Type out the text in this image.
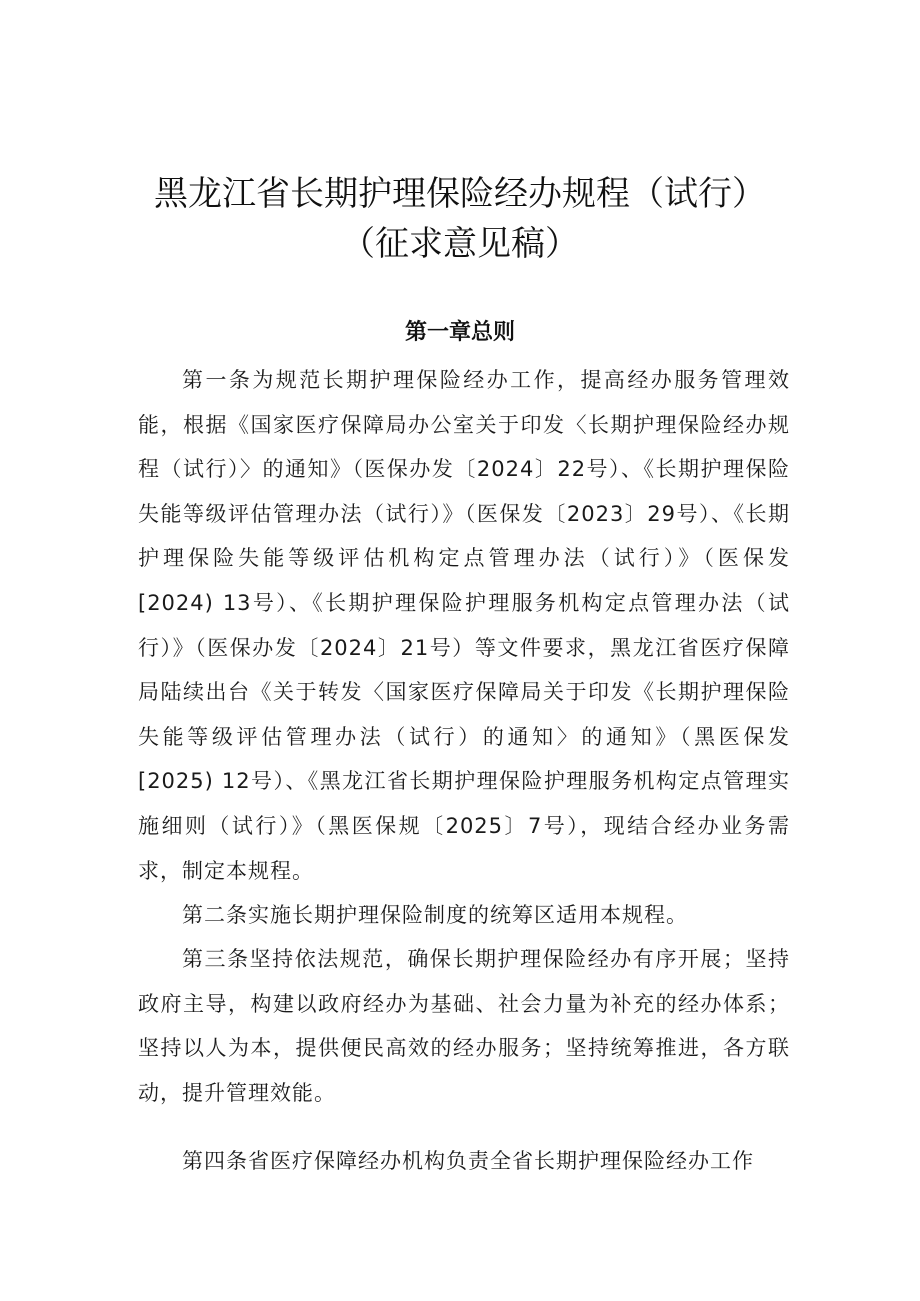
黑龙江省长期护理保险经办规程（试行）
（征求意见稿）
第一章总则

第一条为规范长期护理保险经办工作，提高经办服务管理效能，根据《国家医疗保障局办公室关于印发〈长期护理保险经办规程（试行）〉的通知》（医保办发〔2024〕22号）、《长期护理保险失能等级评估管理办法（试行）》（医保发〔2023〕29号）、《长期护理保险失能等级评估机构定点管理办法（试行）》（医保发 [2024) 13号）、《长期护理保险护理服务机构定点管理办法（试行）》（医保办发〔2024〕21号）等文件要求，黑龙江省医疗保障局陆续出台《关于转发〈国家医疗保障局关于印发《长期护理保险失能等级评估管理办法（试行）的通知〉的通知》（黑医保发 [2025) 12号）、《黑龙江省长期护理保险护理服务机构定点管理实施细则（试行）》（黑医保规〔2025〕7号），现结合经办业务需求，制定本规程。

第二条实施长期护理保险制度的统筹区适用本规程。

第三条坚持依法规范，确保长期护理保险经办有序开展；坚持政府主导，构建以政府经办为基础、社会力量为补充的经办体系；坚持以人为本，提供便民高效的经办服务；坚持统筹推进，各方联动，提升管理效能。

第四条省医疗保障经办机构负责全省长期护理保险经办工作
